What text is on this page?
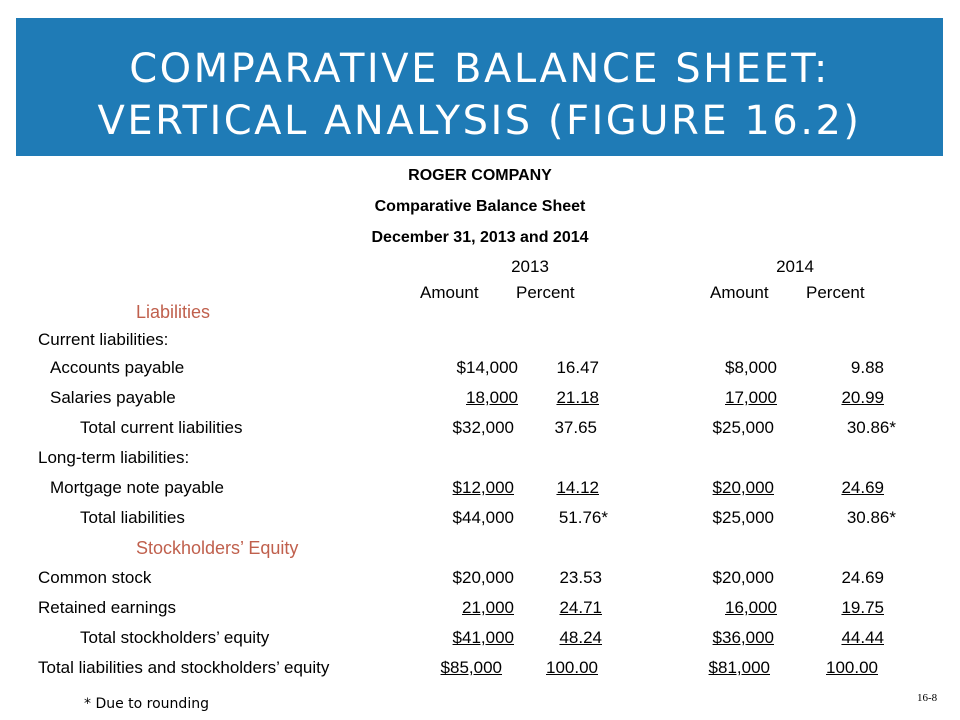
COMPARATIVE BALANCE SHEET:
VERTICAL ANALYSIS (FIGURE 16.2)
ROGER COMPANY
Comparative Balance Sheet
December 31, 2013 and 2014
2013	2014
Amount Percent	Amount Percent
Liabilities
Stockholders’ Equity
Current liabilities:
Accounts payable	$14,000 16.47	$8,000	9.88
Salaries payable	18,000 21.18	17,000	20.99
Total current liabilities	$32,000 37.65	$25,000	30.86*
Long-term liabilities:
Mortgage note payable	$12,000 14.12	$20,000	24.69
Total liabilities	$44,000	51.76*	$25,000	30.86*
Common stock	$20,000	23.53	$20,000	24.69
Retained earnings	21,000	24.71	16,000	19.75
Total stockholders’ equity	$41,000	48.24	$36,000	44.44
Total liabilities and stockholders’ equity	$85,000	100.00	$81,000	100.00
* Due to rounding	16-8
